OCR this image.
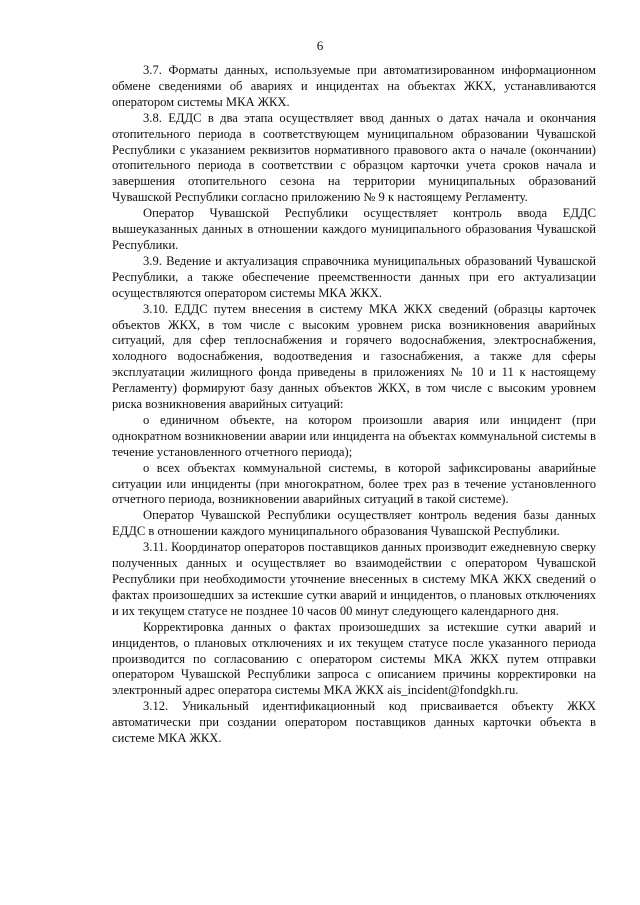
6

3.7. Форматы данных, используемые при автоматизированном информационном обмене сведениями об авариях и инцидентах на объектах ЖКХ, устанавливаются оператором системы МКА ЖКХ.

3.8. ЕДДС в два этапа осуществляет ввод данных о датах начала и окончания отопительного периода в соответствующем муниципальном образовании Чувашской Республики с указанием реквизитов нормативного правового акта о начале (окончании) отопительного периода в соответствии с образцом карточки учета сроков начала и завершения отопительного сезона на территории муниципальных образований Чувашской Республики согласно приложению № 9 к настоящему Регламенту.

Оператор Чувашской Республики осуществляет контроль ввода ЕДДС вышеуказанных данных в отношении каждого муниципального образования Чувашской Республики.

3.9. Ведение и актуализация справочника муниципальных образований Чувашской Республики, а также обеспечение преемственности данных при его актуализации осуществляются оператором системы МКА ЖКХ.

3.10. ЕДДС путем внесения в систему МКА ЖКХ сведений (образцы карточек объектов ЖКХ, в том числе с высоким уровнем риска возникновения аварийных ситуаций, для сфер теплоснабжения и горячего водоснабжения, электроснабжения, холодного водоснабжения, водоотведения и газоснабжения, а также для сферы эксплуатации жилищного фонда приведены в приложениях № 10 и 11 к настоящему Регламенту) формируют базу данных объектов ЖКХ, в том числе с высоким уровнем риска возникновения аварийных ситуаций:

о единичном объекте, на котором произошли авария или инцидент (при однократном возникновении аварии или инцидента на объектах коммунальной системы в течение установленного отчетного периода);

о всех объектах коммунальной системы, в которой зафиксированы аварийные ситуации или инциденты (при многократном, более трех раз в течение установленного отчетного периода, возникновении аварийных ситуаций в такой системе).

Оператор Чувашской Республики осуществляет контроль ведения базы данных ЕДДС в отношении каждого муниципального образования Чувашской Республики.

3.11. Координатор операторов поставщиков данных производит ежедневную сверку полученных данных и осуществляет во взаимодействии с оператором Чувашской Республики при необходимости уточнение внесенных в систему МКА ЖКХ сведений о фактах произошедших за истекшие сутки аварий и инцидентов, о плановых отключениях и их текущем статусе не позднее 10 часов 00 минут следующего календарного дня.

Корректировка данных о фактах произошедших за истекшие сутки аварий и инцидентов, о плановых отключениях и их текущем статусе после указанного периода производится по согласованию с оператором системы МКА ЖКХ путем отправки оператором Чувашской Республики запроса с описанием причины корректировки на электронный адрес оператора системы МКА ЖКХ ais_incident@fondgkh.ru.

3.12. Уникальный идентификационный код присваивается объекту ЖКХ автоматически при создании оператором поставщиков данных карточки объекта в системе МКА ЖКХ.
